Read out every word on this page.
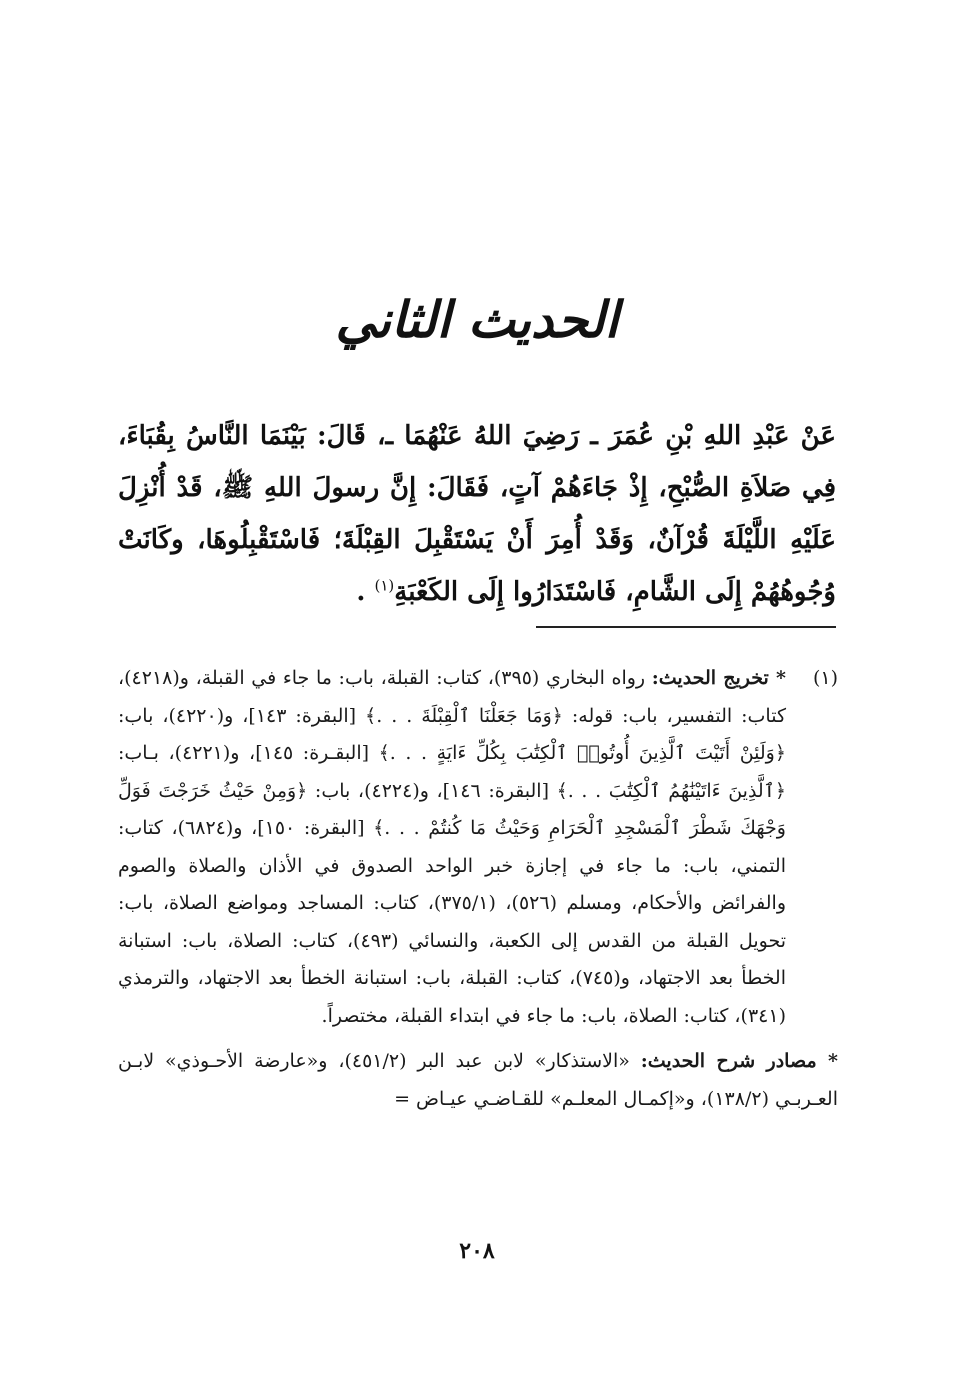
الحديث الثاني

عَنْ عَبْدِ اللهِ بْنِ عُمَرَ ـ رَضِيَ اللهُ عَنْهُمَا ـ، قَالَ: بَيْنَمَا النَّاسُ بِقُبَاءَ، فِي صَلاَةِ الصُّبْحِ، إِذْ جَاءَهُمْ آتٍ، فَقَالَ: إِنَّ رسولَ اللهِ ﷺ، قَدْ أُنْزِلَ عَلَيْهِ اللَّيْلَةَ قُرْآنٌ، وَقَدْ أُمِرَ أَنْ يَسْتَقْبِلَ القِبْلَةَ؛ فَاسْتَقْبِلُوهَا، وكَانَتْ وُجُوهُهُمْ إِلَى الشَّامِ، فَاسْتَدَارُوا إِلَى الكَعْبَةِ$^{(١)}$ .

(١)
* تخريج الحديث: رواه البخاري (٣٩٥)، كتاب: القبلة، باب: ما جاء في القبلة، و(٤٢١٨)، كتاب: التفسير، باب: قوله: ﴿وَمَا جَعَلْنَا ٱلْقِبْلَةَ . . .﴾ [البقرة: ١٤٣]، و(٤٢٢٠)، باب: ﴿وَلَئِنْ أَتَيْتَ ٱلَّذِينَ أُوتُوا۟ ٱلْكِتَٰبَ بِكُلِّ ءَايَةٍ . . .﴾ [البقـرة: ١٤٥]، و(٤٢٢١)، بـاب: ﴿ٱلَّذِينَ ءَاتَيْنَٰهُمُ ٱلْكِتَٰبَ . . .﴾ [البقرة: ١٤٦]، و(٤٢٢٤)، باب: ﴿وَمِنْ حَيْثُ خَرَجْتَ فَوَلِّ وَجْهَكَ شَطْرَ ٱلْمَسْجِدِ ٱلْحَرَامِ وَحَيْثُ مَا كُنتُمْ . . .﴾ [البقرة: ١٥٠]، و(٦٨٢٤)، كتاب: التمني، باب: ما جاء في إجازة خبر الواحد الصدوق في الأذان والصلاة والصوم والفرائض والأحكام، ومسلم (٥٢٦)، (٣٧٥/١)، كتاب: المساجد ومواضع الصلاة، باب: تحويل القبلة من القدس إلى الكعبة، والنسائي (٤٩٣)، كتاب: الصلاة، باب: استبانة الخطأ بعد الاجتهاد، و(٧٤٥)، كتاب: القبلة، باب: استبانة الخطأ بعد الاجتهاد، والترمذي (٣٤١)، كتاب: الصلاة، باب: ما جاء في ابتداء القبلة، مختصراً.
* مصادر شرح الحديث: «الاستذكار» لابن عبد البر (٤٥١/٢)، و«عارضة الأحـوذي» لابـن العـربـي (١٣٨/٢)، و«إكمـال المعلـم» للقـاضـي عيـاض =
٢٠٨
